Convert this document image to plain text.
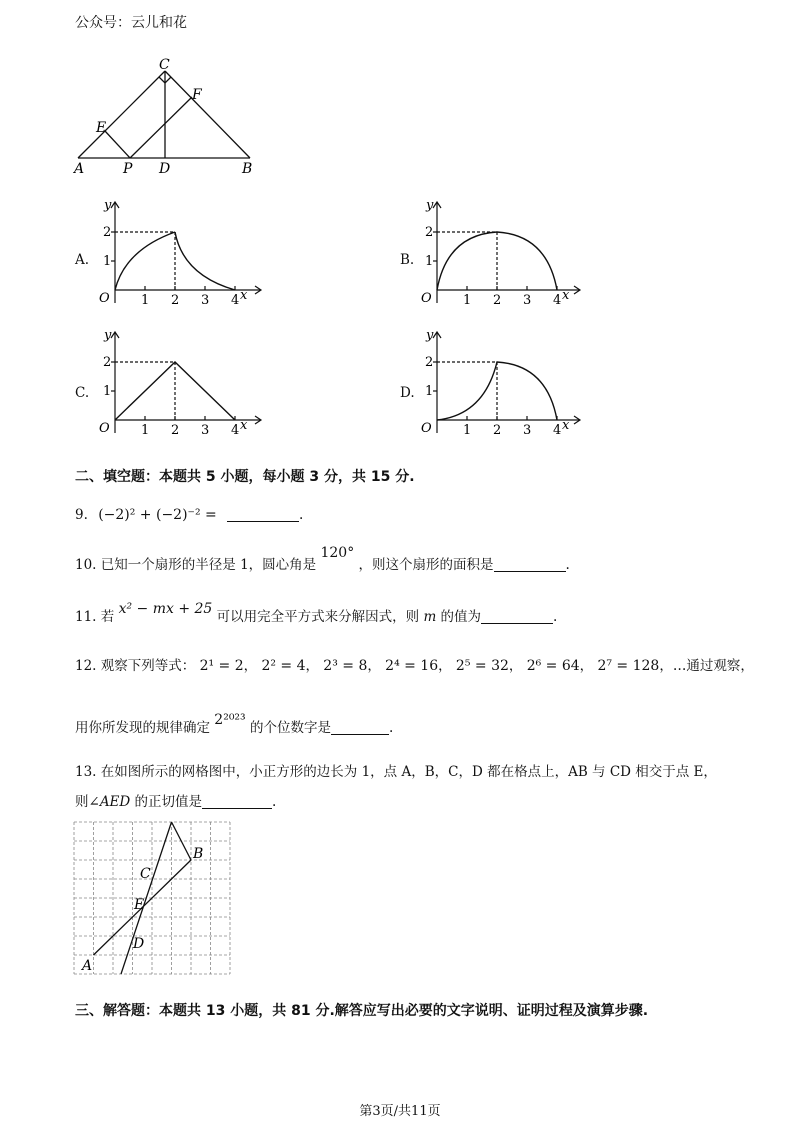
公众号：云儿和花
C
F
E
A	P D	B
A.
y
O
1
2
1 2 3 4 x
B.
y
O
1
2
1 2 3 4 x
C.
y
O
1
2
1 2 3 4 x
D.
y
O
1
2
1 2 3 4 x
二、填空题：本题共 5 小题，每小题 3 分，共 15 分.
9. (−2)² + (−2)⁻² =	.
10. 已知一个扇形的半径是 1，圆心角是 120° ，则这个扇形的面积是	.
11. 若 x² − mx + 25 可以用完全平方式来分解因式，则 m 的值为	.
12. 观察下列等式： 2¹ = 2， 2² = 4， 2³ = 8， 2⁴ = 16， 2⁵ = 32， 2⁶ = 64， 2⁷ = 128，…通过观察，
用你所发现的规律确定 2²⁰²³ 的个位数字是	.
13. 在如图所示的网格图中，小正方形的边长为 1，点 A，B，C，D 都在格点上，AB 与 CD 相交于点 E，
则∠AED 的正切值是	.
B
C
E
D
A
三、解答题：本题共 13 小题，共 81 分.解答应写出必要的文字说明、证明过程及演算步骤.
第3页/共11页
